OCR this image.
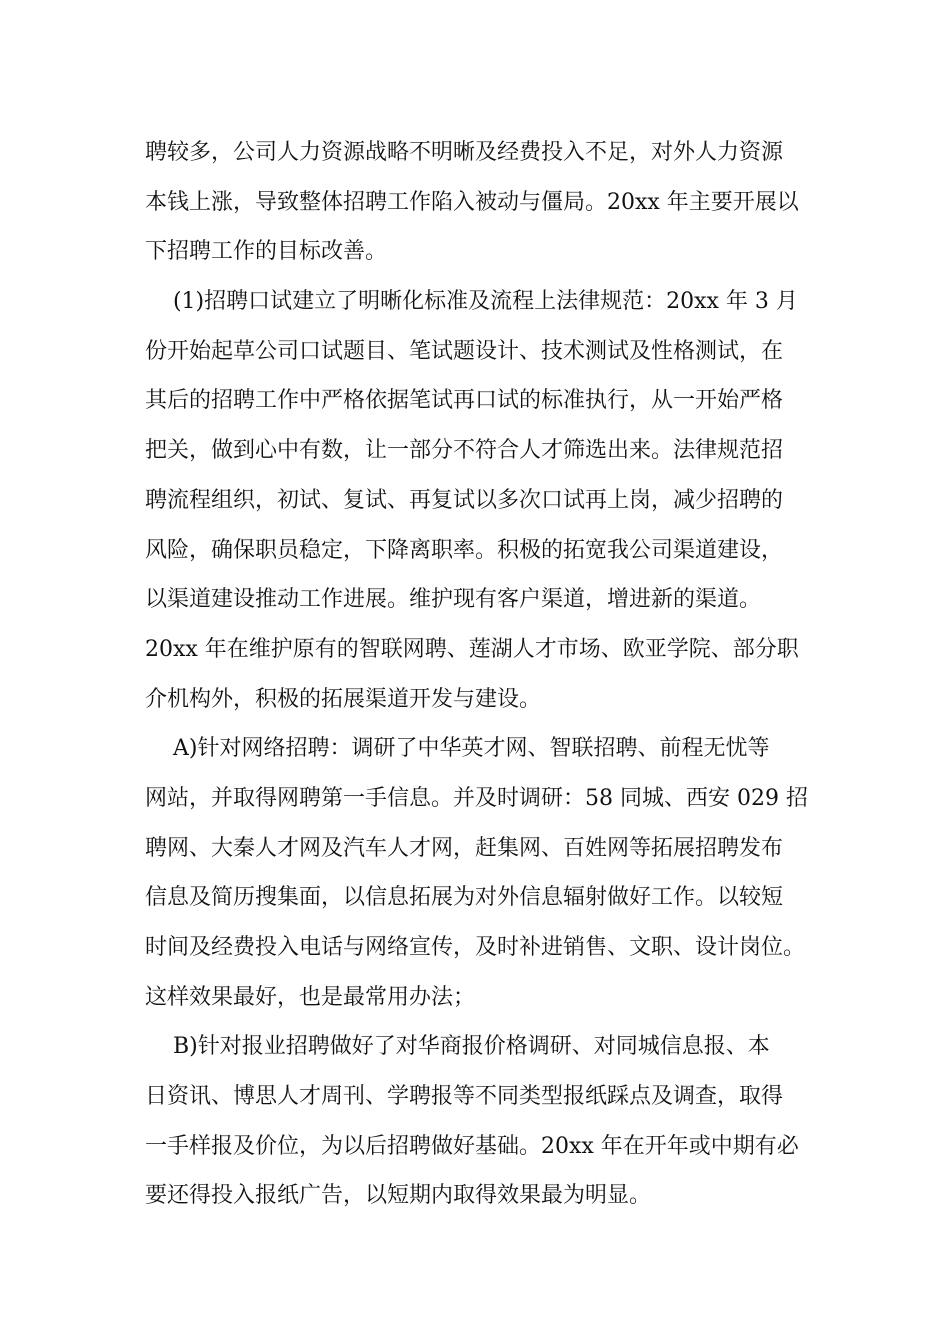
聘较多，公司人力资源战略不明晰及经费投入不足，对外人力资源
本钱上涨，导致整体招聘工作陷入被动与僵局。20xx 年主要开展以
下招聘工作的目标改善。
(1)招聘口试建立了明晰化标准及流程上法律规范：20xx 年 3 月
份开始起草公司口试题目、笔试题设计、技术测试及性格测试，在
其后的招聘工作中严格依据笔试再口试的标准执行，从一开始严格
把关，做到心中有数，让一部分不符合人才筛选出来。法律规范招
聘流程组织，初试、复试、再复试以多次口试再上岗，减少招聘的
风险，确保职员稳定，下降离职率。积极的拓宽我公司渠道建设，
以渠道建设推动工作进展。维护现有客户渠道，增进新的渠道。
20xx 年在维护原有的智联网聘、莲湖人才市场、欧亚学院、部分职
介机构外，积极的拓展渠道开发与建设。
A)针对网络招聘：调研了中华英才网、智联招聘、前程无忧等
网站，并取得网聘第一手信息。并及时调研：58 同城、西安 029 招
聘网、大秦人才网及汽车人才网，赶集网、百姓网等拓展招聘发布
信息及简历搜集面，以信息拓展为对外信息辐射做好工作。以较短
时间及经费投入电话与网络宣传，及时补进销售、文职、设计岗位。
这样效果最好，也是最常用办法；
B)针对报业招聘做好了对华商报价格调研、对同城信息报、本
日资讯、博思人才周刊、学聘报等不同类型报纸踩点及调查，取得
一手样报及价位，为以后招聘做好基础。20xx 年在开年或中期有必
要还得投入报纸广告，以短期内取得效果最为明显。
